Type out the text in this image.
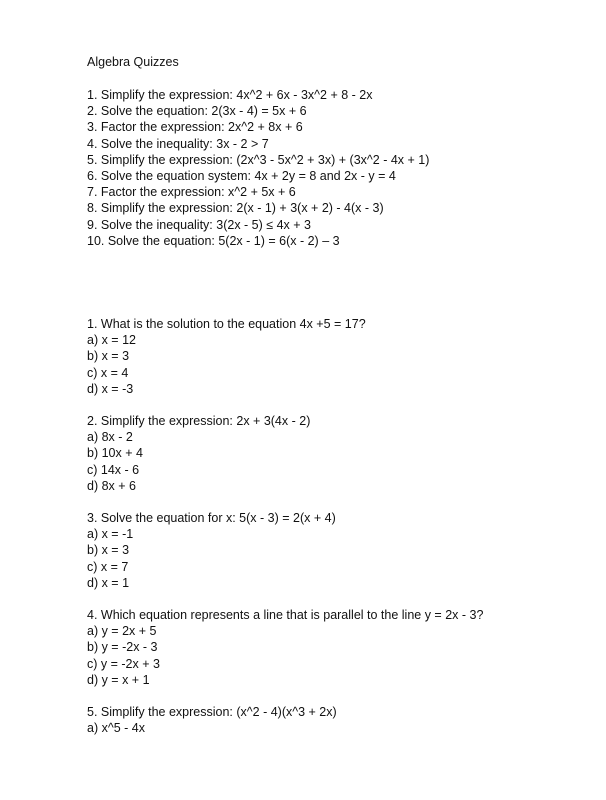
Algebra Quizzes
1. Simplify the expression: 4x^2 + 6x - 3x^2 + 8 - 2x
2. Solve the equation: 2(3x - 4) = 5x + 6
3. Factor the expression: 2x^2 + 8x + 6
4. Solve the inequality: 3x - 2 > 7
5. Simplify the expression: (2x^3 - 5x^2 + 3x) + (3x^2 - 4x + 1)
6. Solve the equation system: 4x + 2y = 8 and 2x - y = 4
7. Factor the expression: x^2 + 5x + 6
8. Simplify the expression: 2(x - 1) + 3(x + 2) - 4(x - 3)
9. Solve the inequality: 3(2x - 5) ≤ 4x + 3
10. Solve the equation: 5(2x - 1) = 6(x - 2) – 3
1. What is the solution to the equation 4x +5 = 17?
a) x = 12
b) x = 3
c) x = 4
d) x = -3
2. Simplify the expression: 2x + 3(4x - 2)
a) 8x - 2
b) 10x + 4
c) 14x - 6
d) 8x + 6
3. Solve the equation for x: 5(x - 3) = 2(x + 4)
a) x = -1
b) x = 3
c) x = 7
d) x = 1
4. Which equation represents a line that is parallel to the line y = 2x - 3?
a) y = 2x + 5
b) y = -2x - 3
c) y = -2x + 3
d) y = x + 1
5. Simplify the expression: (x^2 - 4)(x^3 + 2x)
a) x^5 - 4x
